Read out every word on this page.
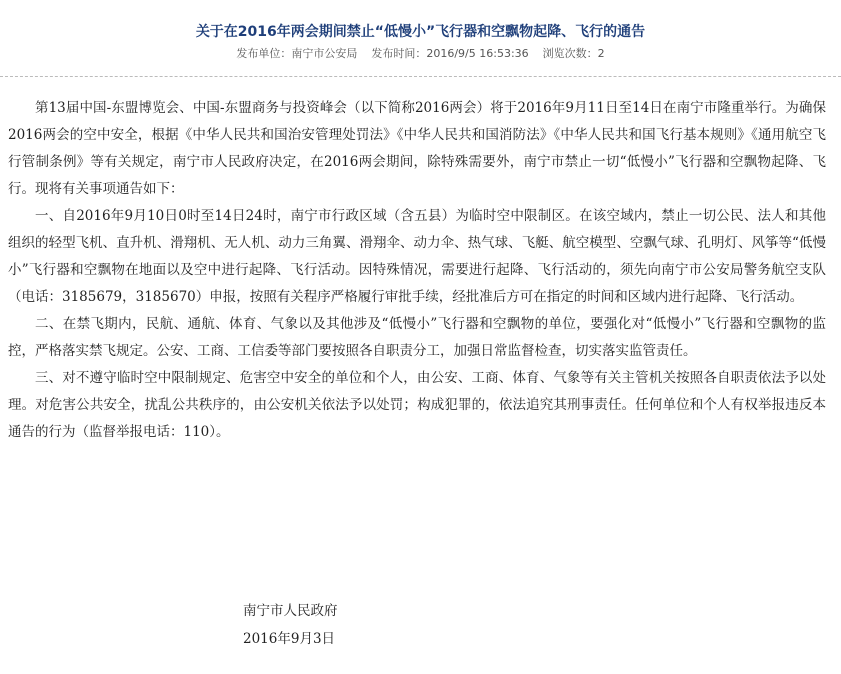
关于在2016年两会期间禁止“低慢小”飞行器和空飘物起降、飞行的通告
发布单位：南宁市公安局 发布时间：2016/9/5 16:53:36 浏览次数：2

第13届中国-东盟博览会、中国-东盟商务与投资峰会（以下简称2016两会）将于2016年9月11日至14日在南宁市隆重举行。为确保2016两会的空中安全，根据《中华人民共和国治安管理处罚法》《中华人民共和国消防法》《中华人民共和国飞行基本规则》《通用航空飞行管制条例》等有关规定，南宁市人民政府决定，在2016两会期间，除特殊需要外，南宁市禁止一切“低慢小”飞行器和空飘物起降、飞行。现将有关事项通告如下：

一、自2016年9月10日0时至14日24时，南宁市行政区域（含五县）为临时空中限制区。在该空域内，禁止一切公民、法人和其他组织的轻型飞机、直升机、滑翔机、无人机、动力三角翼、滑翔伞、动力伞、热气球、飞艇、航空模型、空飘气球、孔明灯、风筝等“低慢小”飞行器和空飘物在地面以及空中进行起降、飞行活动。因特殊情况，需要进行起降、飞行活动的，须先向南宁市公安局警务航空支队（电话：3185679，3185670）申报，按照有关程序严格履行审批手续，经批准后方可在指定的时间和区域内进行起降、飞行活动。

二、在禁飞期内，民航、通航、体育、气象以及其他涉及“低慢小”飞行器和空飘物的单位，要强化对“低慢小”飞行器和空飘物的监控，严格落实禁飞规定。公安、工商、工信委等部门要按照各自职责分工，加强日常监督检查，切实落实监管责任。

三、对不遵守临时空中限制规定、危害空中安全的单位和个人，由公安、工商、体育、气象等有关主管机关按照各自职责依法予以处理。对危害公共安全，扰乱公共秩序的，由公安机关依法予以处罚；构成犯罪的，依法追究其刑事责任。任何单位和个人有权举报违反本通告的行为（监督举报电话：110）。

南宁市人民政府
2016年9月3日
